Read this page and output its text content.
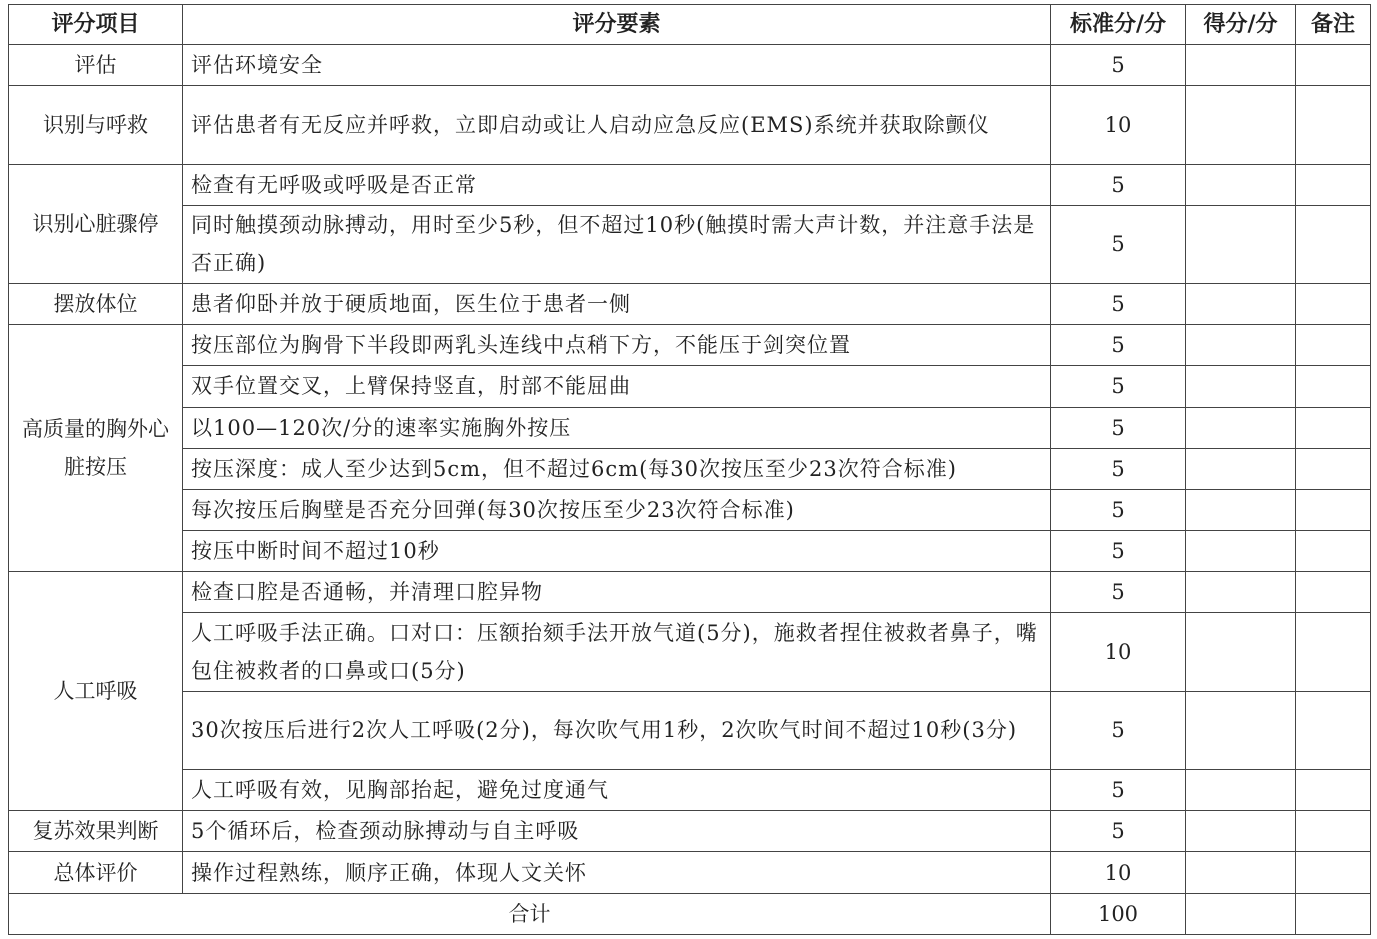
评分项目	评分要素	标准分/分	得分/分	备注
评估	评估环境安全	5		
识别与呼救	评估患者有无反应并呼救，立即启动或让人启动应急反应(EMS)系统并获取除颤仪	10		
识别心脏骤停	检查有无呼吸或呼吸是否正常	5		
	同时触摸颈动脉搏动，用时至少5秒，但不超过10秒(触摸时需大声计数，并注意手法是否正确)	5		
摆放体位	患者仰卧并放于硬质地面，医生位于患者一侧	5		
高质量的胸外心脏按压	按压部位为胸骨下半段即两乳头连线中点稍下方，不能压于剑突位置	5		
	双手位置交叉，上臂保持竖直，肘部不能屈曲	5		
	以100—120次/分的速率实施胸外按压	5		
	按压深度：成人至少达到5cm，但不超过6cm(每30次按压至少23次符合标准)	5		
	每次按压后胸壁是否充分回弹(每30次按压至少23次符合标准)	5		
	按压中断时间不超过10秒	5		
人工呼吸	检查口腔是否通畅，并清理口腔异物	5		
	人工呼吸手法正确。口对口：压额抬颏手法开放气道(5分)，施救者捏住被救者鼻子，嘴包住被救者的口鼻或口(5分)	10		
	30次按压后进行2次人工呼吸(2分)，每次吹气用1秒，2次吹气时间不超过10秒(3分)	5		
	人工呼吸有效，见胸部抬起，避免过度通气	5		
复苏效果判断	5个循环后，检查颈动脉搏动与自主呼吸	5		
总体评价	操作过程熟练，顺序正确，体现人文关怀	10		
合计		100		
